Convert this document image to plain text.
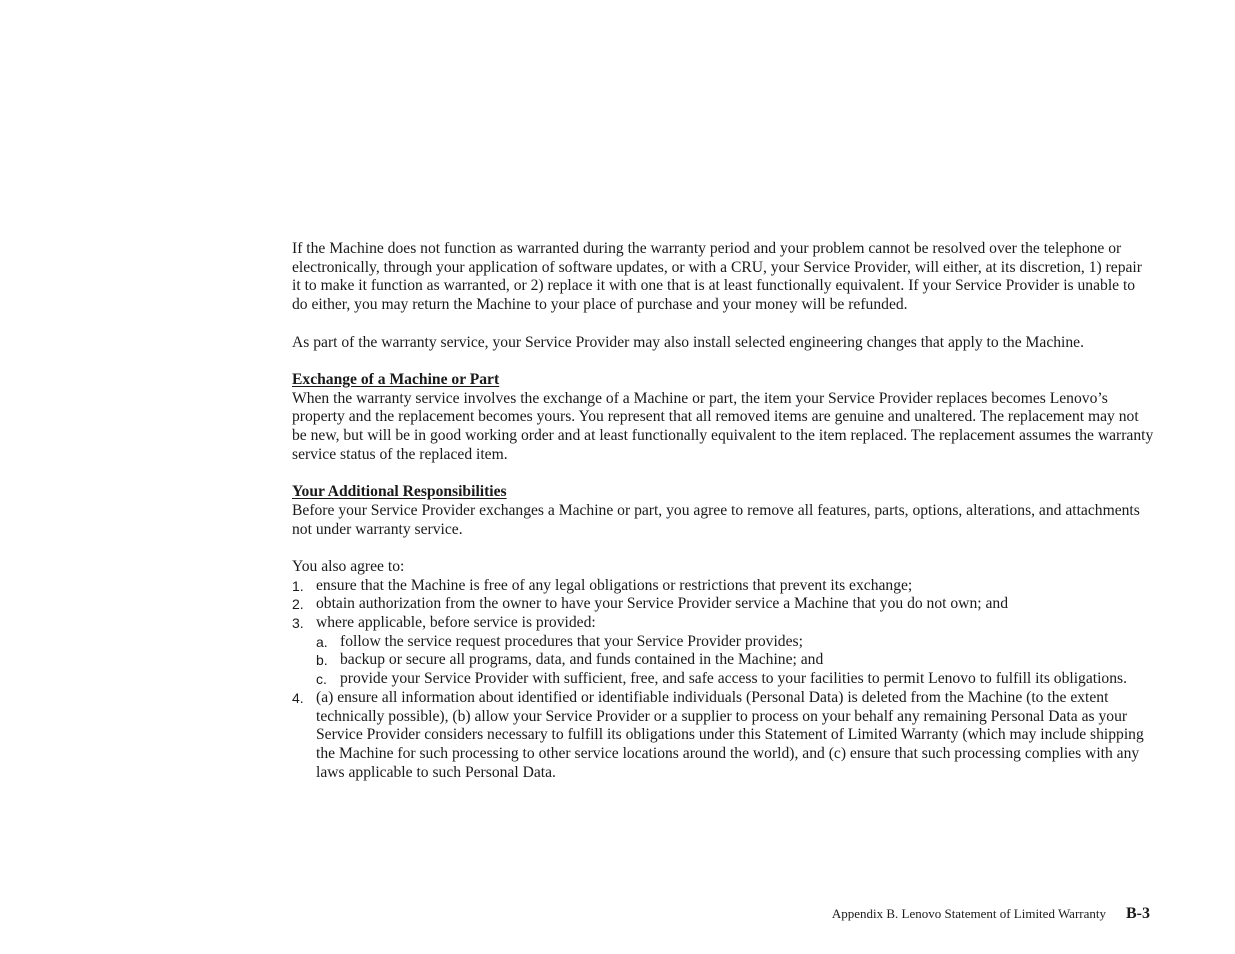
If the Machine does not function as warranted during the warranty period and your problem cannot be resolved over the telephone or electronically, through your application of software updates, or with a CRU, your Service Provider, will either, at its discretion, 1) repair it to make it function as warranted, or 2) replace it with one that is at least functionally equivalent. If your Service Provider is unable to do either, you may return the Machine to your place of purchase and your money will be refunded.

As part of the warranty service, your Service Provider may also install selected engineering changes that apply to the Machine.

Exchange of a Machine or Part
When the warranty service involves the exchange of a Machine or part, the item your Service Provider replaces becomes Lenovo’s property and the replacement becomes yours. You represent that all removed items are genuine and unaltered. The replacement may not be new, but will be in good working order and at least functionally equivalent to the item replaced. The replacement assumes the warranty service status of the replaced item.
Your Additional Responsibilities
Before your Service Provider exchanges a Machine or part, you agree to remove all features, parts, options, alterations, and attachments not under warranty service.
You also agree to:
1. ensure that the Machine is free of any legal obligations or restrictions that prevent its exchange;
2. obtain authorization from the owner to have your Service Provider service a Machine that you do not own; and
3. where applicable, before service is provided:
a. follow the service request procedures that your Service Provider provides;
b. backup or secure all programs, data, and funds contained in the Machine; and
c. provide your Service Provider with sufficient, free, and safe access to your facilities to permit Lenovo to fulfill its obligations.
4. (a) ensure all information about identified or identifiable individuals (Personal Data) is deleted from the Machine (to the extent technically possible), (b) allow your Service Provider or a supplier to process on your behalf any remaining Personal Data as your Service Provider considers necessary to fulfill its obligations under this Statement of Limited Warranty (which may include shipping the Machine for such processing to other service locations around the world), and (c) ensure that such processing complies with any laws applicable to such Personal Data.
Appendix B. Lenovo Statement of Limited Warranty B-3
